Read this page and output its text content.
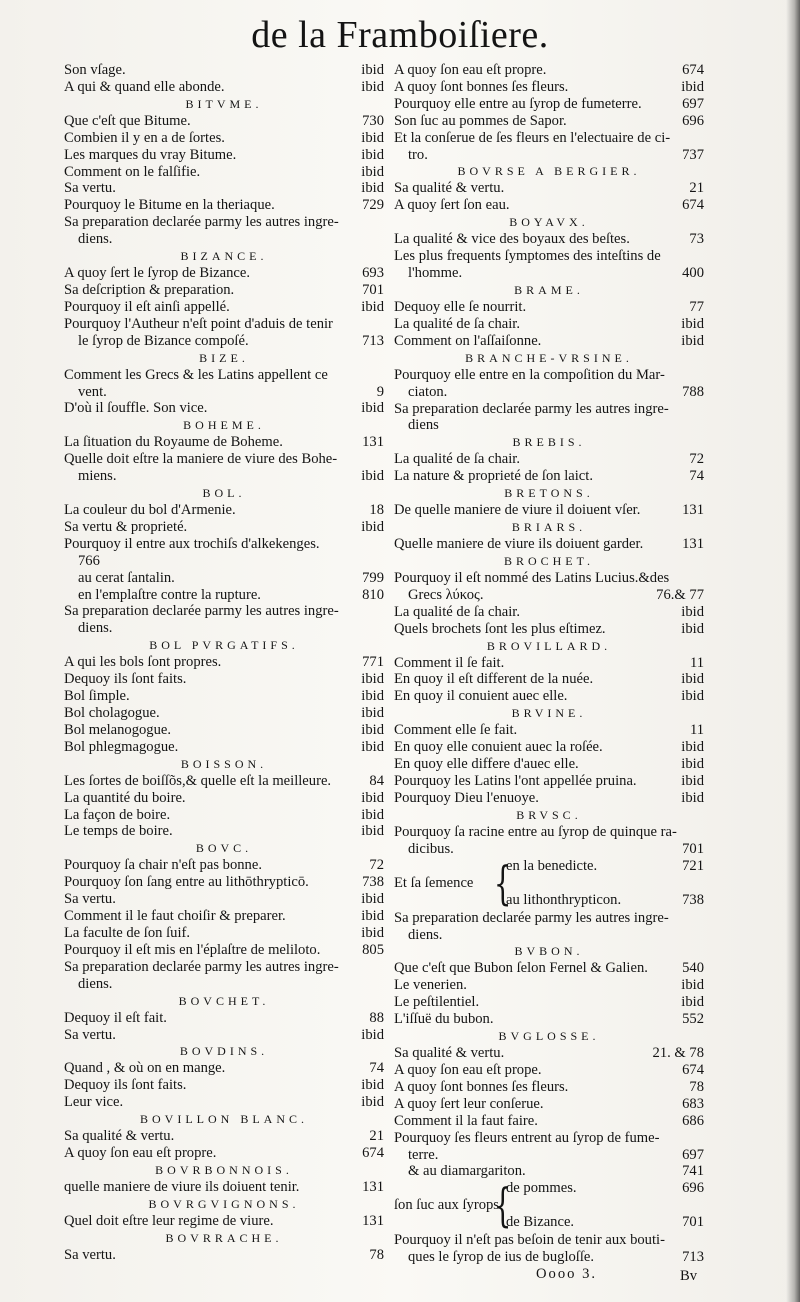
de la Framboiſiere.
Son vſage.	ibid
A qui & quand elle abonde.	ibid
BITVME.
Que c'eſt que Bitume.	730
Combien il y en a de ſortes.	ibid
Les marques du vray Bitume.	ibid
Comment on le falſifie.	ibid
Sa vertu.	ibid
Pourquoy le Bitume en la theriaque.	729
Sa preparation declarée parmy les autres ingre-
diens.
BIZANCE.
A quoy ſert le ſyrop de Bizance.	693
Sa deſcription & preparation.	701
Pourquoy il eſt ainſi appellé.	ibid
Pourquoy l'Autheur n'eſt point d'aduis de tenir
le ſyrop de Bizance compoſé.	713
BIZE.
Comment les Grecs & les Latins appellent ce
vent.	9
D'où il ſouffle. Son vice.	ibid
BOHEME.
La ſituation du Royaume de Boheme.	131
Quelle doit eſtre la maniere de viure des Bohe-
miens.	ibid
BOL.
La couleur du bol d'Armenie.	18
Sa vertu & proprieté.	ibid
Pourquoy il entre aux trochiſs d'alkekenges.
766
au cerat ſantalin.	799
en l'emplaſtre contre la rupture.	810
Sa preparation declarée parmy les autres ingre-
diens.
BOL PVRGATIFS.
A qui les bols ſont propres.	771
Dequoy ils ſont faits.	ibid
Bol ſimple.	ibid
Bol cholagogue.	ibid
Bol melanogogue.	ibid
Bol phlegmagogue.	ibid
BOISSON.
Les ſortes de boiſſõs,& quelle eſt la meilleure.	84
La quantité du boire.	ibid
La façon de boire.	ibid
Le temps de boire.	ibid
BOVC.
Pourquoy ſa chair n'eſt pas bonne.	72
Pourquoy ſon ſang entre au lithōthrypticō.	738
Sa vertu.	ibid
Comment il le faut choiſir & preparer.	ibid
La faculte de ſon ſuif.	ibid
Pourquoy il eſt mis en l'éplaſtre de meliloto.	805
Sa preparation declarée parmy les autres ingre-
diens.
BOVCHET.
Dequoy il eſt fait.	88
Sa vertu.	ibid
BOVDINS.
Quand , & où on en mange.	74
Dequoy ils ſont faits.	ibid
Leur vice.	ibid
BOVILLON BLANC.
Sa qualité & vertu.	21
A quoy ſon eau eſt propre.	674
BOVRBONNOIS.
quelle maniere de viure ils doiuent tenir.	131
BOVRGVIGNONS.
Quel doit eſtre leur regime de viure.	131
BOVRRACHE.
Sa vertu.	78
A quoy ſon eau eſt propre.	674
A quoy ſont bonnes ſes fleurs.	ibid
Pourquoy elle entre au ſyrop de fumeterre.	697
Son ſuc au pommes de Sapor.	696
Et la conſerue de ſes fleurs en l'electuaire de ci-
tro.	737
BOVRSE A BERGIER.
Sa qualité & vertu.	21
A quoy ſert ſon eau.	674
BOYAVX.
La qualité & vice des boyaux des beſtes.	73
Les plus frequents ſymptomes des inteſtins de
l'homme.	400
BRAME.
Dequoy elle ſe nourrit.	77
La qualité de ſa chair.	ibid
Comment on l'aſſaiſonne.	ibid
BRANCHE-VRSINE.
Pourquoy elle entre en la compoſition du Mar-
ciaton.	788
Sa preparation declarée parmy les autres ingre-
diens
BREBIS.
La qualité de ſa chair.	72
La nature & proprieté de ſon laict.	74
BRETONS.
De quelle maniere de viure il doiuent vſer.	131
BRIARS.
Quelle maniere de viure ils doiuent garder.	131
BROCHET.
Pourquoy il eſt nommé des Latins Lucius.&des
Grecs λύκος.	76.& 77
La qualité de ſa chair.	ibid
Quels brochets ſont les plus eſtimez.	ibid
BROVILLARD.
Comment il ſe fait.	11
En quoy il eſt different de la nuée.	ibid
En quoy il conuient auec elle.	ibid
BRVINE.
Comment elle ſe fait.	11
En quoy elle conuient auec la roſée.	ibid
En quoy elle differe d'auec elle.	ibid
Pourquoy les Latins l'ont appellée pruina.	ibid
Pourquoy Dieu l'enuoye.	ibid
BRVSC.
Pourquoy ſa racine entre au ſyrop de quinque ra-
dicibus.	701
{
Et ſa ſemence
en la benedicte.	721
au lithonthrypticon.	738
Sa preparation declarée parmy les autres ingre-
diens.
BVBON.
Que c'eſt que Bubon ſelon Fernel & Galien. 540
Le venerien.	ibid
Le peſtilentiel.	ibid
L'iſſuë du bubon.	552
BVGLOSSE.
Sa qualité & vertu.	21. & 78
A quoy ſon eau eſt prope.	674
A quoy ſont bonnes ſes fleurs.	78
A quoy ſert leur conſerue.	683
Comment il la faut faire.	686
Pourquoy ſes fleurs entrent au ſyrop de fume-
terre.	697
& au diamargariton.	741
{
ſon ſuc aux ſyrops
de pommes.	696
de Bizance.	701
Pourquoy il n'eſt pas beſoin de tenir aux bouti-
ques le ſyrop de ius de bugloſſe.	713
Oooo 3.	Bv
